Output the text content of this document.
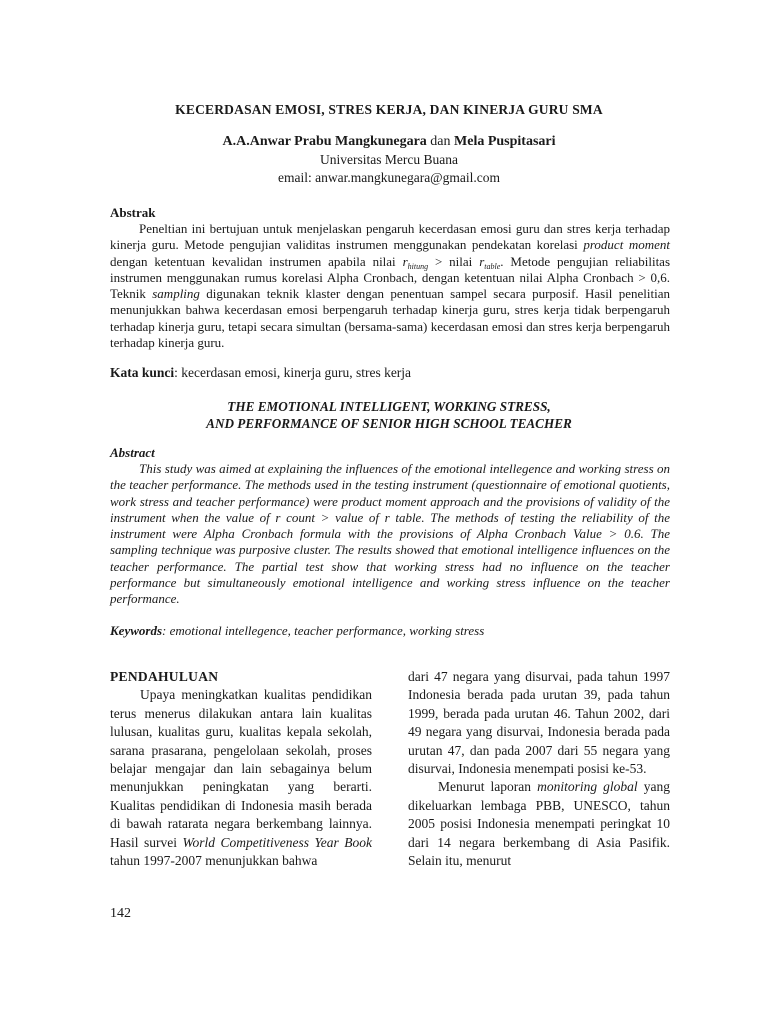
KECERDASAN EMOSI, STRES KERJA, DAN KINERJA GURU SMA
A.A.Anwar Prabu Mangkunegara dan Mela Puspitasari
Universitas Mercu Buana
email: anwar.mangkunegara@gmail.com
Abstrak

Peneltian ini bertujuan untuk menjelaskan pengaruh kecerdasan emosi guru dan stres kerja terhadap kinerja guru. Metode pengujian validitas instrumen menggunakan pendekatan korelasi product moment dengan ketentuan kevalidan instrumen apabila nilai $r_{hitung}$ > nilai $r_{table}$. Metode pengujian reliabilitas instrumen menggunakan rumus korelasi Alpha Cronbach, dengan ketentuan nilai Alpha Cronbach > 0,6. Teknik sampling digunakan teknik klaster dengan penentuan sampel secara purposif. Hasil penelitian menunjukkan bahwa kecerdasan emosi berpengaruh terhadap kinerja guru, stres kerja tidak berpengaruh terhadap kinerja guru, tetapi secara simultan (bersama-sama) kecerdasan emosi dan stres kerja berpengaruh terhadap kinerja guru.

Kata kunci: kecerdasan emosi, kinerja guru, stres kerja
THE EMOTIONAL INTELLIGENT, WORKING STRESS,
AND PERFORMANCE OF SENIOR HIGH SCHOOL TEACHER
Abstract

This study was aimed at explaining the influences of the emotional intellegence and working stress on the teacher performance. The methods used in the testing instrument (questionnaire of emotional quotients, work stress and teacher performance) were product moment approach and the provisions of validity of the instrument when the value of r count > value of r table. The methods of testing the reliability of the instrument were Alpha Cronbach formula with the provisions of Alpha Cronbach Value > 0.6. The sampling technique was purposive cluster. The results showed that emotional intelligence influences on the teacher performance. The partial test show that working stress had no influence on the teacher performance but simultaneously emotional intelligence and working stress influence on the teacher performance.

Keywords: emotional intellegence, teacher performance, working stress
PENDAHULUAN

Upaya meningkatkan kualitas pendidikan terus menerus dilakukan antara lain kualitas lulusan, kualitas guru, kualitas kepala sekolah, sarana prasarana, pengelolaan sekolah, proses belajar mengajar dan lain sebagainya belum menunjukkan peningkatan yang berarti. Kualitas pendidikan di Indonesia masih berada di bawah ratarata negara berkembang lainnya. Hasil survei World Competitiveness Year Book tahun 1997-2007 menunjukkan bahwa

dari 47 negara yang disurvai, pada tahun 1997 Indonesia berada pada urutan 39, pada tahun 1999, berada pada urutan 46. Tahun 2002, dari 49 negara yang disurvai, Indonesia berada pada urutan 47, dan pada 2007 dari 55 negara yang disurvai, Indonesia menempati posisi ke-53.

Menurut laporan monitoring global yang dikeluarkan lembaga PBB, UNESCO, tahun 2005 posisi Indonesia menempati peringkat 10 dari 14 negara berkembang di Asia Pasifik. Selain itu, menurut

142
